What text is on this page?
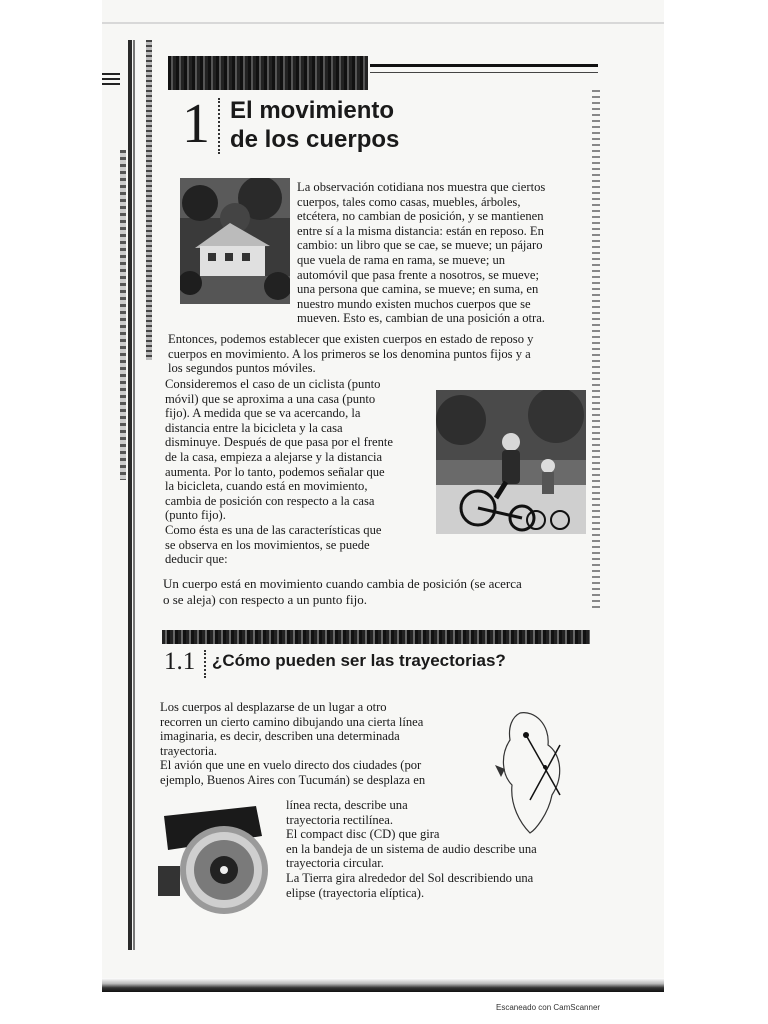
1 El movimiento
de los cuerpos
La observación cotidiana nos muestra que ciertos
cuerpos, tales como casas, muebles, árboles,
etcétera, no cambian de posición, y se mantienen
entre sí a la misma distancia: están en reposo. En
cambio: un libro que se cae, se mueve; un pájaro
que vuela de rama en rama, se mueve; un
automóvil que pasa frente a nosotros, se mueve;
una persona que camina, se mueve; en suma, en
nuestro mundo existen muchos cuerpos que se
mueven. Esto es, cambian de una posición a otra.
Entonces, podemos establecer que existen cuerpos en estado de reposo y
cuerpos en movimiento. A los primeros se los denomina puntos fijos y a
los segundos puntos móviles.
Consideremos el caso de un ciclista (punto
móvil) que se aproxima a una casa (punto
fijo). A medida que se va acercando, la
distancia entre la bicicleta y la casa
disminuye. Después de que pasa por el frente
de la casa, empieza a alejarse y la distancia
aumenta. Por lo tanto, podemos señalar que
la bicicleta, cuando está en movimiento,
cambia de posición con respecto a la casa
(punto fijo).
Como ésta es una de las características que
se observa en los movimientos, se puede
deducir que:
Un cuerpo está en movimiento cuando cambia de posición (se acerca
o se aleja) con respecto a un punto fijo.
1.1 ¿Cómo pueden ser las trayectorias?
Los cuerpos al desplazarse de un lugar a otro
recorren un cierto camino dibujando una cierta línea
imaginaria, es decir, describen una determinada
trayectoria.
El avión que une en vuelo directo dos ciudades (por
ejemplo, Buenos Aires con Tucumán) se desplaza en
línea recta, describe una
trayectoria rectilínea.
El compact disc (CD) que gira
en la bandeja de un sistema de audio describe una
trayectoria circular.
La Tierra gira alrededor del Sol describiendo una
elipse (trayectoria elíptica).
Escaneado con CamScanner
